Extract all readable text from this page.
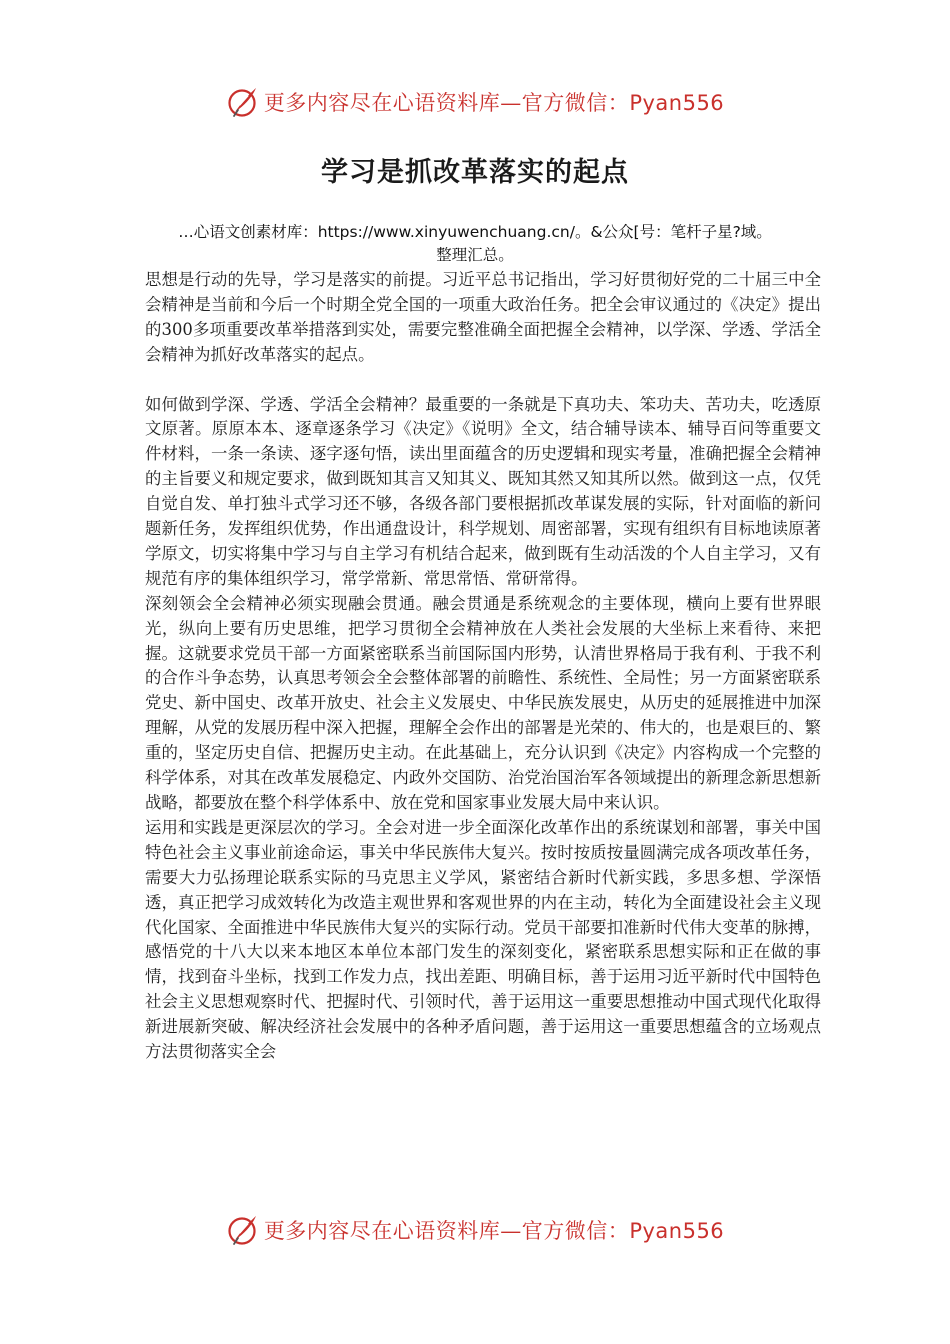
更多内容尽在心语资料库—官方微信：Pyan556
学习是抓改革落实的起点
…心语文创素材库：https://www.xinyuwenchuang.cn/。&公众[号：笔杆子星?域。
整理汇总。

思想是行动的先导，学习是落实的前提。习近平总书记指出，学习好贯彻好党的二十届三中全会精神是当前和今后一个时期全党全国的一项重大政治任务。把全会审议通过的《决定》提出的300多项重要改革举措落到实处，需要完整准确全面把握全会精神，以学深、学透、学活全会精神为抓好改革落实的起点。

如何做到学深、学透、学活全会精神？最重要的一条就是下真功夫、笨功夫、苦功夫，吃透原文原著。原原本本、逐章逐条学习《决定》《说明》全文，结合辅导读本、辅导百问等重要文件材料，一条一条读、逐字逐句悟，读出里面蕴含的历史逻辑和现实考量，准确把握全会精神的主旨要义和规定要求，做到既知其言又知其义、既知其然又知其所以然。做到这一点，仅凭自觉自发、单打独斗式学习还不够，各级各部门要根据抓改革谋发展的实际，针对面临的新问题新任务，发挥组织优势，作出通盘设计，科学规划、周密部署，实现有组织有目标地读原著学原文，切实将集中学习与自主学习有机结合起来，做到既有生动活泼的个人自主学习，又有规范有序的集体组织学习，常学常新、常思常悟、常研常得。

深刻领会全会精神必须实现融会贯通。融会贯通是系统观念的主要体现，横向上要有世界眼光，纵向上要有历史思维，把学习贯彻全会精神放在人类社会发展的大坐标上来看待、来把握。这就要求党员干部一方面紧密联系当前国际国内形势，认清世界格局于我有利、于我不利的合作斗争态势，认真思考领会全会整体部署的前瞻性、系统性、全局性；另一方面紧密联系党史、新中国史、改革开放史、社会主义发展史、中华民族发展史，从历史的延展推进中加深理解，从党的发展历程中深入把握，理解全会作出的部署是光荣的、伟大的，也是艰巨的、繁重的，坚定历史自信、把握历史主动。在此基础上，充分认识到《决定》内容构成一个完整的科学体系，对其在改革发展稳定、内政外交国防、治党治国治军各领域提出的新理念新思想新战略，都要放在整个科学体系中、放在党和国家事业发展大局中来认识。

运用和实践是更深层次的学习。全会对进一步全面深化改革作出的系统谋划和部署，事关中国特色社会主义事业前途命运，事关中华民族伟大复兴。按时按质按量圆满完成各项改革任务，需要大力弘扬理论联系实际的马克思主义学风，紧密结合新时代新实践，多思多想、学深悟透，真正把学习成效转化为改造主观世界和客观世界的内在主动，转化为全面建设社会主义现代化国家、全面推进中华民族伟大复兴的实际行动。党员干部要扣准新时代伟大变革的脉搏，感悟党的十八大以来本地区本单位本部门发生的深刻变化，紧密联系思想实际和正在做的事情，找到奋斗坐标，找到工作发力点，找出差距、明确目标，善于运用习近平新时代中国特色社会主义思想观察时代、把握时代、引领时代，善于运用这一重要思想推动中国式现代化取得新进展新突破、解决经济社会发展中的各种矛盾问题，善于运用这一重要思想蕴含的立场观点方法贯彻落实全会

更多内容尽在心语资料库—官方微信：Pyan556
